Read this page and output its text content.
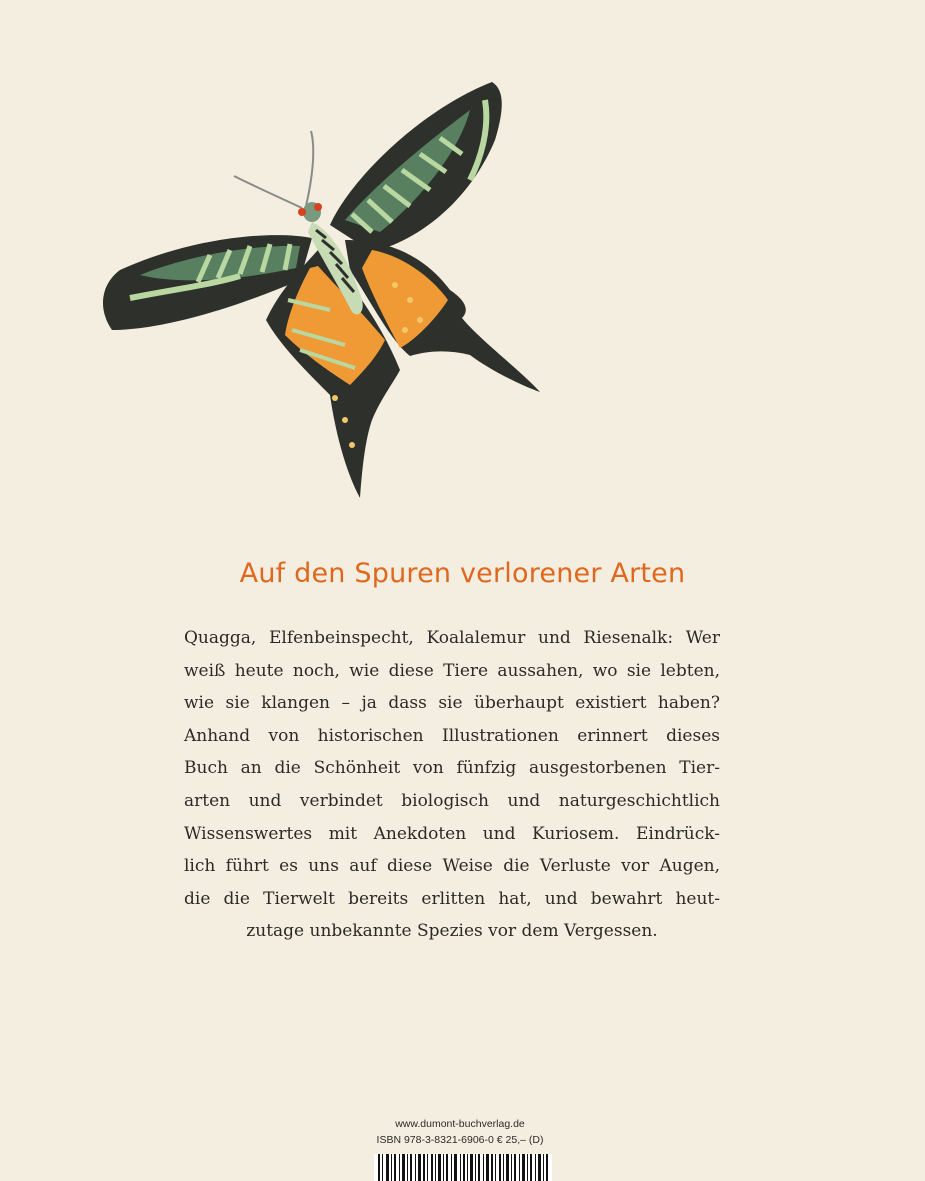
Auf den Spuren verlorener Arten
Quagga, Elfenbeinspecht, Koalalemur und Riesenalk: Wer
weiß heute noch, wie diese Tiere aussahen, wo sie lebten,
wie sie klangen – ja dass sie überhaupt existiert haben?
Anhand von historischen Illustrationen erinnert dieses
Buch an die Schönheit von fünfzig ausgestorbenen Tier-
arten und verbindet biologisch und naturgeschichtlich
Wissenswertes mit Anekdoten und Kuriosem. Eindrück-
lich führt es uns auf diese Weise die Verluste vor Augen,
die die Tierwelt bereits erlitten hat, und bewahrt heut-
zutage unbekannte Spezies vor dem Vergessen.
www.dumont-buchverlag.de
ISBN 978-3-8321-6906-0 € 25,– (D)
